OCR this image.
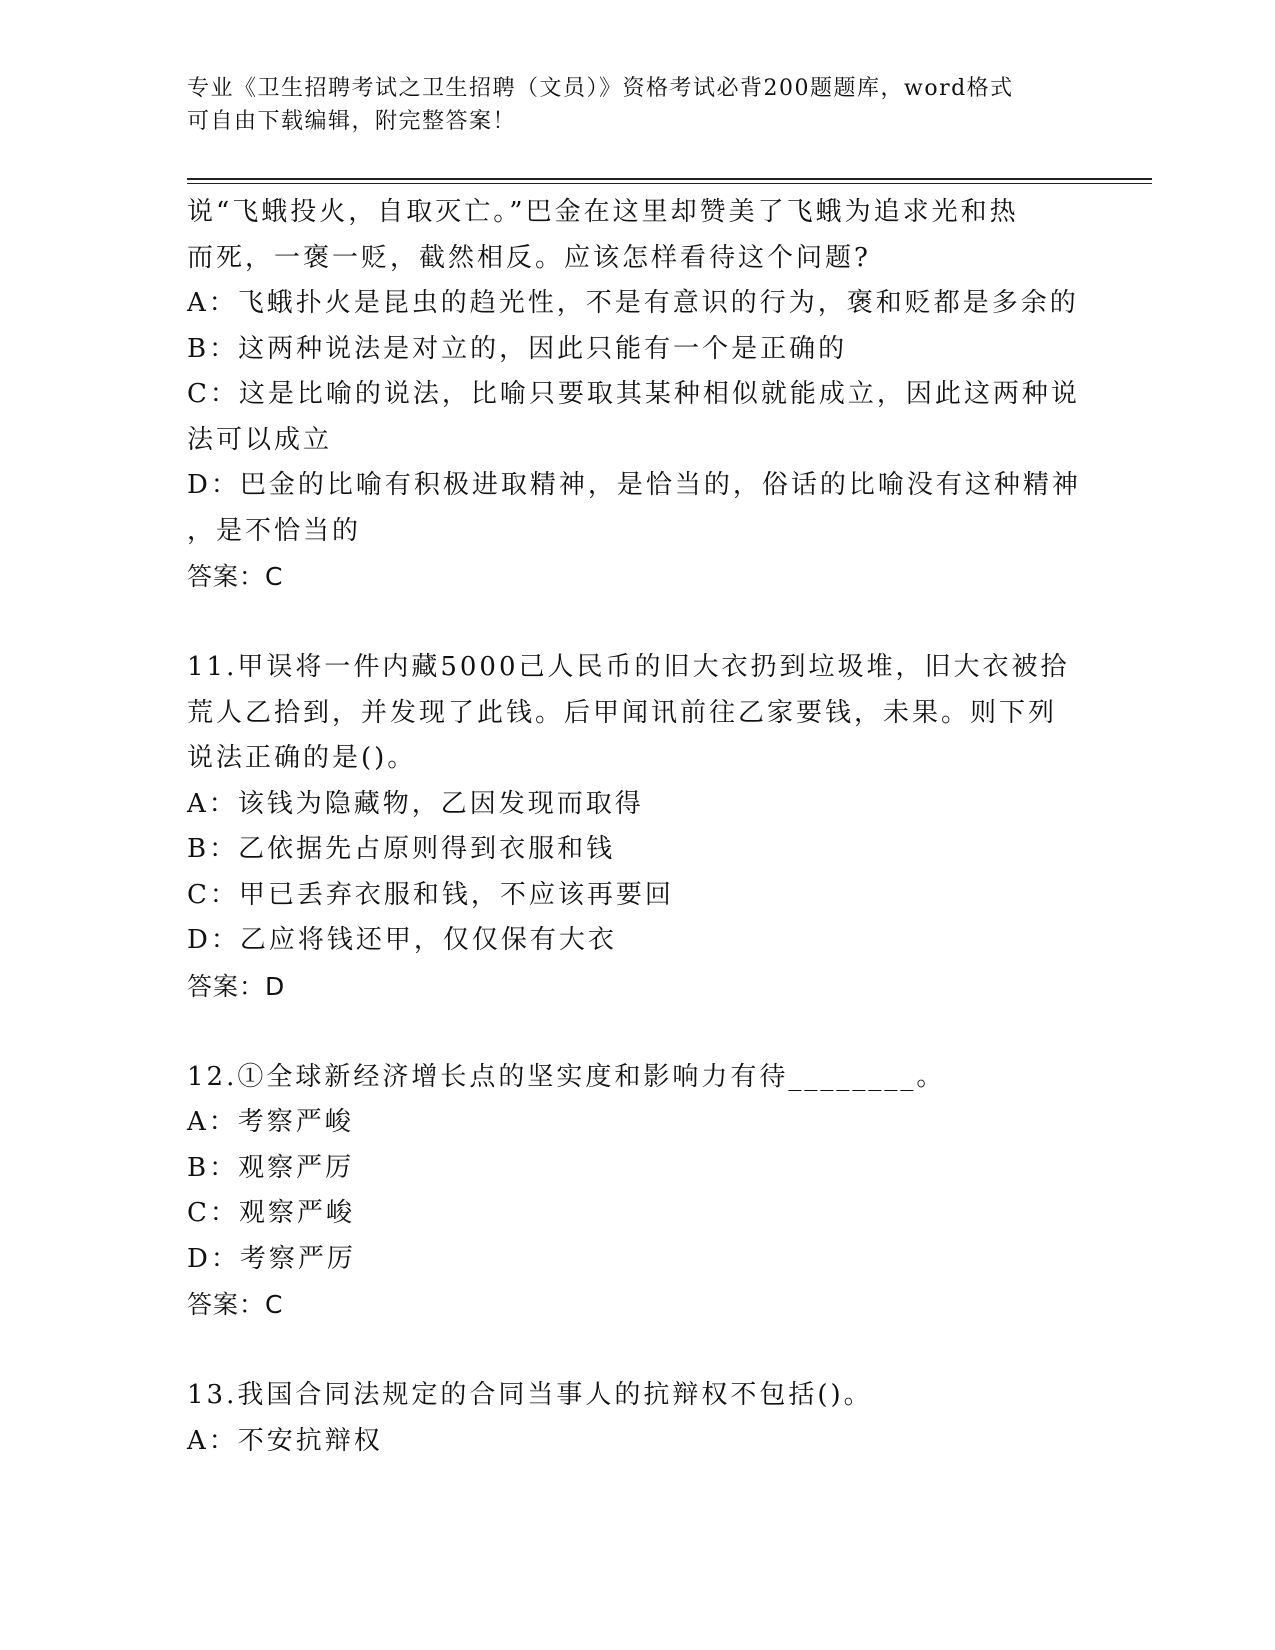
专业《卫生招聘考试之卫生招聘（文员）》资格考试必背200题题库，word格式
可自由下载编辑，附完整答案！
说“飞蛾投火，自取灭亡。”巴金在这里却赞美了飞蛾为追求光和热
而死，一褒一贬，截然相反。应该怎样看待这个问题?
A：飞蛾扑火是昆虫的趋光性，不是有意识的行为，褒和贬都是多余的
B：这两种说法是对立的，因此只能有一个是正确的
C：这是比喻的说法，比喻只要取其某种相似就能成立，因此这两种说
法可以成立
D：巴金的比喻有积极进取精神，是恰当的，俗话的比喻没有这种精神
，是不恰当的
答案：C
11.甲误将一件内藏5000己人民币的旧大衣扔到垃圾堆，旧大衣被拾
荒人乙拾到，并发现了此钱。后甲闻讯前往乙家要钱，未果。则下列
说法正确的是()。
A：该钱为隐藏物，乙因发现而取得
B：乙依据先占原则得到衣服和钱
C：甲已丢弃衣服和钱，不应该再要回
D：乙应将钱还甲，仅仅保有大衣
答案：D
12.①全球新经济增长点的坚实度和影响力有待________。
A：考察严峻
B：观察严厉
C：观察严峻
D：考察严厉
答案：C
13.我国合同法规定的合同当事人的抗辩权不包括()。
A：不安抗辩权
